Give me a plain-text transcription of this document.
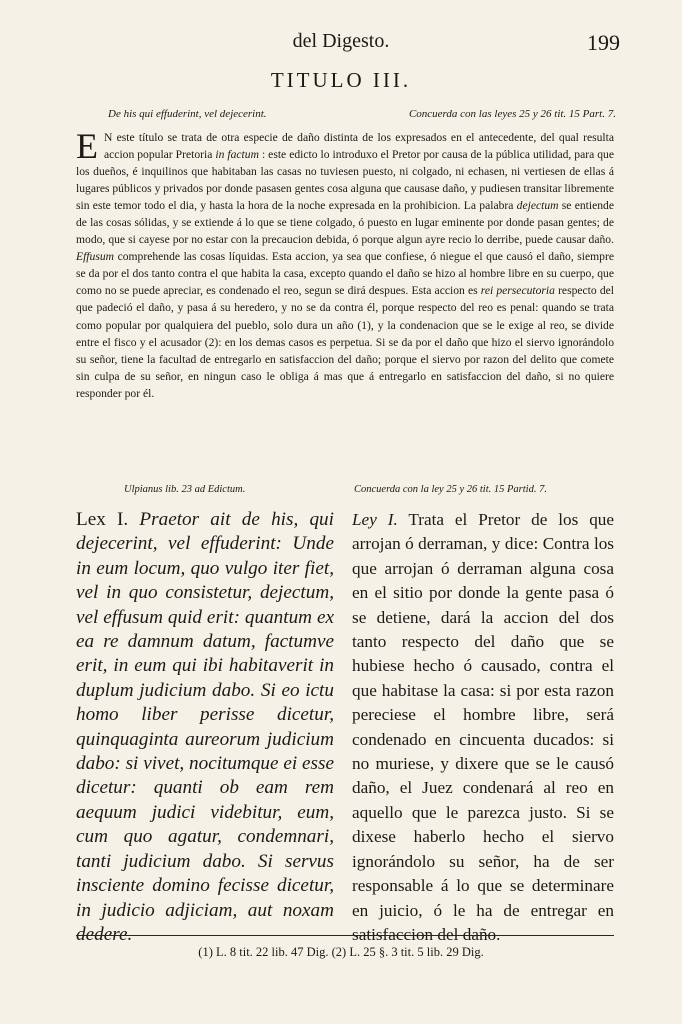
del Digesto.	199
TITULO III.
De his qui effuderint, vel dejecerint.	Concuerda con las leyes 25 y 26 tit. 15 Part. 7.
E N este título se trata de otra especie de daño distinta de los expresados en el antecedente, del qual resulta accion popular Pretoria in factum : este edicto lo introduxo el Pretor por causa de la pública utilidad, para que los dueños, é inquilinos que habitaban las casas no tuviesen puesto, ni colgado, ni echasen, ni vertiesen de ellas á lugares públicos y privados por donde pasasen gentes cosa alguna que causase daño, y pudiesen transitar libremente sin este temor todo el dia, y hasta la hora de la noche expresada en la prohibicion. La palabra dejectum se entiende de las cosas sólidas, y se extiende á lo que se tiene colgado, ó puesto en lugar eminente por donde pasan gentes; de modo, que si cayese por no estar con la precaucion debida, ó porque algun ayre recio lo derribe, puede causar daño. Effusum comprehende las cosas líquidas. Esta accion, ya sea que confiese, ó niegue el que causó el daño, siempre se da por el dos tanto contra el que habita la casa, excepto quando el daño se hizo al hombre libre en su cuerpo, que como no se puede apreciar, es condenado el reo, segun se dirá despues. Esta accion es rei persecutoria respecto del que padeció el daño, y pasa á su heredero, y no se da contra él, porque respecto del reo es penal: quando se trata como popular por qualquiera del pueblo, solo dura un año (1), y la condenacion que se le exige al reo, se divide entre el fisco y el acusador (2): en los demas casos es perpetua. Si se da por el daño que hizo el siervo ignorándolo su señor, tiene la facultad de entregarlo en satisfaccion del daño; porque el siervo por razon del delito que comete sin culpa de su señor, en ningun caso le obliga á mas que á entregarlo en satisfaccion del daño, si no quiere responder por él.
Ulpianus lib. 23 ad Edictum.	Concuerda con la ley 25 y 26 tit. 15 Partid. 7.
Lex I. Praetor ait de his, qui dejecerint, vel effuderint: Unde in eum locum, quo vulgo iter fiet, vel in quo consistetur, dejectum, vel effusum quid erit: quantum ex ea re damnum datum, factumve erit, in eum qui ibi habitaverit in duplum judicium dabo. Si eo ictu homo liber perisse dicetur, quinquaginta aureorum judicium dabo: si vivet, nocitumque ei esse dicetur: quanti ob eam rem aequum judici videbitur, eum, cum quo agatur, condemnari, tanti judicium dabo. Si servus insciente domino fecisse dicetur, in judicio adjiciam, aut noxam dedere.
Ley I. Trata el Pretor de los que arrojan ó derraman, y dice: Contra los que arrojan ó derraman alguna cosa en el sitio por donde la gente pasa ó se detiene, dará la accion del dos tanto respecto del daño que se hubiese hecho ó causado, contra el que habitase la casa: si por esta razon pereciese el hombre libre, será condenado en cincuenta ducados: si no muriese, y dixere que se le causó daño, el Juez condenará al reo en aquello que le parezca justo. Si se dixese haberlo hecho el siervo ignorándolo su señor, ha de ser responsable á lo que se determinare en juicio, ó le ha de entregar en satisfaccion del daño.
(1) L. 8 tit. 22 lib. 47 Dig. (2) L. 25 §. 3 tit. 5 lib. 29 Dig.
